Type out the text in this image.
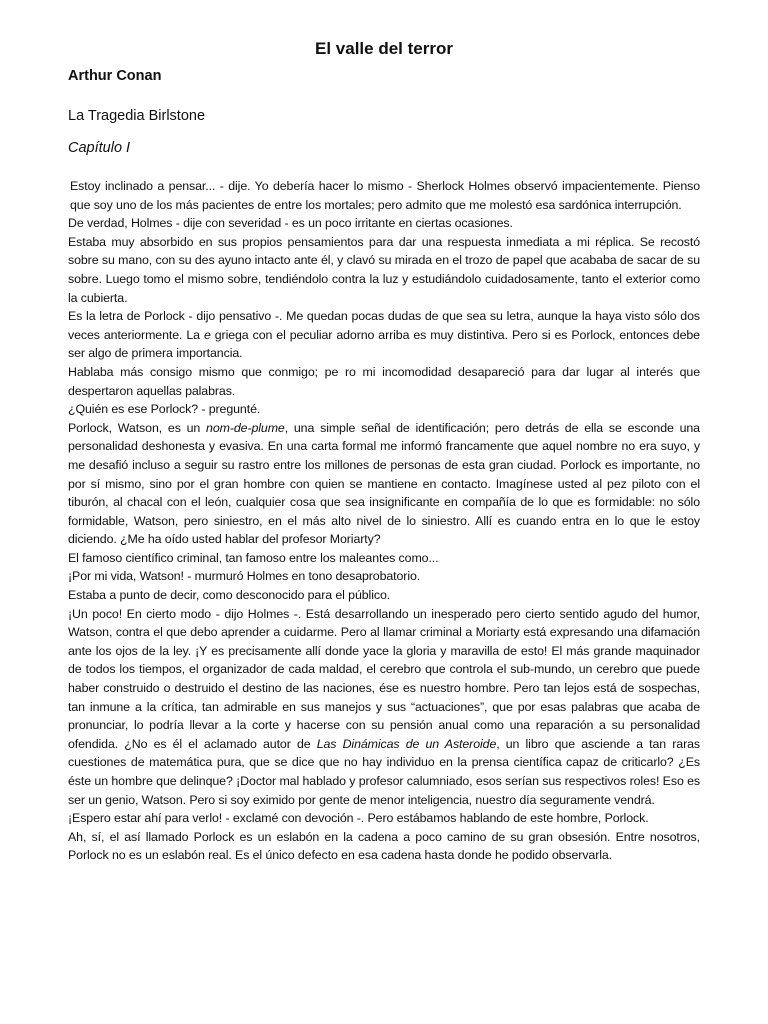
El valle del terror
Arthur Conan
La Tragedia Birlstone
Capítulo I

Estoy inclinado a pensar... - dije. Yo debería hacer lo mismo - Sherlock Holmes observó impacientemente. Pienso que soy uno de los más pacientes de entre los mortales; pero admito que me molestó esa sardónica interrupción.

De verdad, Holmes - dije con severidad - es un poco irritante en ciertas ocasiones.

Estaba muy absorbido en sus propios pensamientos para dar una respuesta inmediata a mi réplica. Se recostó sobre su mano, con su des ayuno intacto ante él, y clavó su mirada en el trozo de papel que acababa de sacar de su sobre. Luego tomo el mismo sobre, tendiéndolo contra la luz y estudiándolo cuidadosamente, tanto el exterior como la cubierta.

Es la letra de Porlock - dijo pensativo -. Me quedan pocas dudas de que sea su letra, aunque la haya visto sólo dos veces anteriormente. La e griega con el peculiar adorno arriba es muy distintiva. Pero si es Porlock, entonces debe ser algo de primera importancia.

Hablaba más consigo mismo que conmigo; pe ro mi incomodidad desapareció para dar lugar al interés que despertaron aquellas palabras.

¿Quién es ese Porlock? - pregunté.

Porlock, Watson, es un nom-de-plume, una simple señal de identificación; pero detrás de ella se esconde una personalidad deshonesta y evasiva. En una carta formal me informó francamente que aquel nombre no era suyo, y me desafió incluso a seguir su rastro entre los millones de personas de esta gran ciudad. Porlock es importante, no por sí mismo, sino por el gran hombre con quien se mantiene en contacto. Imagínese usted al pez piloto con el tiburón, al chacal con el león, cualquier cosa que sea insignificante en compañía de lo que es formidable: no sólo formidable, Watson, pero siniestro, en el más alto nivel de lo siniestro. Allí es cuando entra en lo que le estoy diciendo. ¿Me ha oído usted hablar del profesor Moriarty?

El famoso científico criminal, tan famoso entre los maleantes como...

¡Por mi vida, Watson! - murmuró Holmes en tono desaprobatorio.

Estaba a punto de decir, como desconocido para el público.

¡Un poco! En cierto modo - dijo Holmes -. Está desarrollando un inesperado pero cierto sentido agudo del humor, Watson, contra el que debo aprender a cuidarme. Pero al llamar criminal a Moriarty está expresando una difamación ante los ojos de la ley. ¡Y es precisamente allí donde yace la gloria y maravilla de esto! El más grande maquinador de todos los tiempos, el organizador de cada maldad, el cerebro que controla el sub-mundo, un cerebro que puede haber construido o destruido el destino de las naciones, ése es nuestro hombre. Pero tan lejos está de sospechas, tan inmune a la crítica, tan admirable en sus manejos y sus “actuaciones”, que por esas palabras que acaba de pronunciar, lo podría llevar a la corte y hacerse con su pensión anual como una reparación a su personalidad ofendida. ¿No es él el aclamado autor de Las Dinámicas de un Asteroide, un libro que asciende a tan raras cuestiones de matemática pura, que se dice que no hay individuo en la prensa científica capaz de criticarlo? ¿Es éste un hombre que delinque? ¡Doctor mal hablado y profesor calumniado, esos serían sus respectivos roles! Eso es ser un genio, Watson. Pero si soy eximido por gente de menor inteligencia, nuestro día seguramente vendrá.

¡Espero estar ahí para verlo! - exclamé con devoción -. Pero estábamos hablando de este hombre, Porlock.

Ah, sí, el así llamado Porlock es un eslabón en la cadena a poco camino de su gran obsesión. Entre nosotros, Porlock no es un eslabón real. Es el único defecto en esa cadena hasta donde he podido observarla.
